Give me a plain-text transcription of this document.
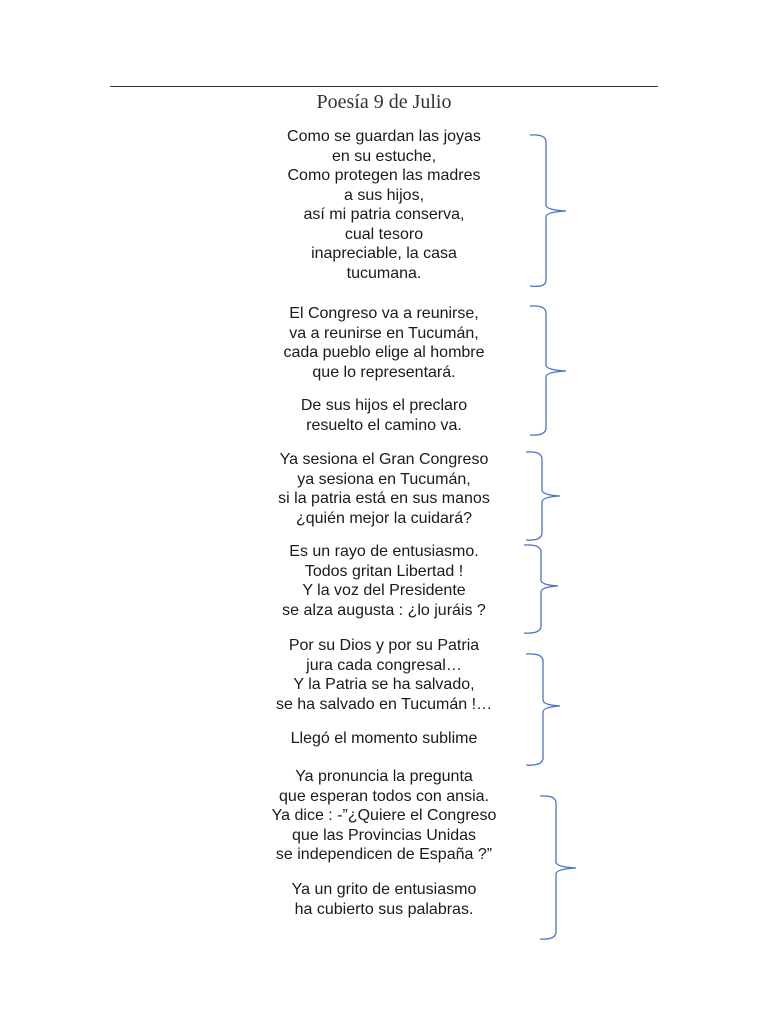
Poesía 9 de Julio

Como se guardan las joyas
en su estuche,
Como protegen las madres
a sus hijos,
así mi patria conserva,
cual tesoro
inapreciable, la casa
tucumana.

El Congreso va a reunirse,
va a reunirse en Tucumán,
cada pueblo elige al hombre
que lo representará.

De sus hijos el preclaro
resuelto el camino va.

Ya sesiona el Gran Congreso
ya sesiona en Tucumán,
si la patria está en sus manos
¿quién mejor la cuidará?

Es un rayo de entusiasmo.
Todos gritan Libertad !
Y la voz del Presidente
se alza augusta : ¿lo juráis ?

Por su Dios y por su Patria
jura cada congresal…
Y la Patria se ha salvado,
se ha salvado en Tucumán !…

Llegó el momento sublime

Ya pronuncia la pregunta
que esperan todos con ansia.
Ya dice : -”¿Quiere el Congreso
que las Provincias Unidas
se independicen de España ?”

Ya un grito de entusiasmo
ha cubierto sus palabras.
